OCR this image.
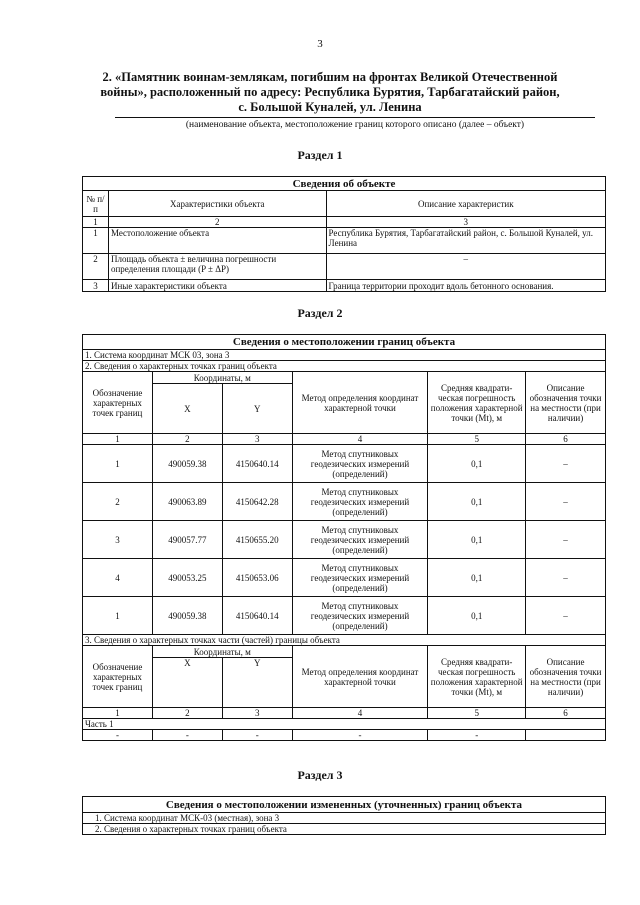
3
2. «Памятник воинам-землякам, погибшим на фронтах Великой Отечественной
войны», расположенный по адресу: Республика Бурятия, Тарбагатайский район,
с. Большой Куналей, ул. Ленина
(наименование объекта, местоположение границ которого описано (далее – объект)
Раздел 1
Сведения об объекте		
№ п/п	Характеристики объекта	Описание характеристик
1	2	3
1	Местоположение объекта	Республика Бурятия, Тарбагатайский район, с. Большой Куналей, ул. Ленина
2	Площадь объекта ± величина погрешности определения площади (P ± ΔP)	–
3	Иные характеристики объекта	Граница территории проходит вдоль бетонного основания.
Раздел 2
Сведения о местоположении границ объекта					
1. Система координат МСК 03, зона 3					
2. Сведения о характерных точках границ объекта					
Обозначение характерных точек границ	Координаты, м		Метод определения координат характерной точки	Средняя квадрати-ческая погрешность положения характерной точки (Mt), м	Описание обозначения точки на местности (при наличии)
	X	Y			
1	2	3	4	5	6
1	490059.38	4150640.14	Метод спутниковых геодезических измерений (определений)	0,1	–
2	490063.89	4150642.28	Метод спутниковых геодезических измерений (определений)	0,1	–
3	490057.77	4150655.20	Метод спутниковых геодезических измерений (определений)	0,1	–
4	490053.25	4150653.06	Метод спутниковых геодезических измерений (определений)	0,1	–
1	490059.38	4150640.14	Метод спутниковых геодезических измерений (определений)	0,1	–
3. Сведения о характерных точках части (частей) границы объекта					
Обозначение характерных точек границ	Координаты, м		Метод определения координат характерной точки	Средняя квадрати-ческая погрешность положения характерной точки (Mt), м	Описание обозначения точки на местности (при наличии)
	X	Y			
1	2	3	4	5	6
Часть 1					
-	-	-	-	-	
Раздел 3
Сведения о местоположении измененных (уточненных) границ объекта
1. Система координат МСК-03 (местная), зона 3
2. Сведения о характерных точках границ объекта
